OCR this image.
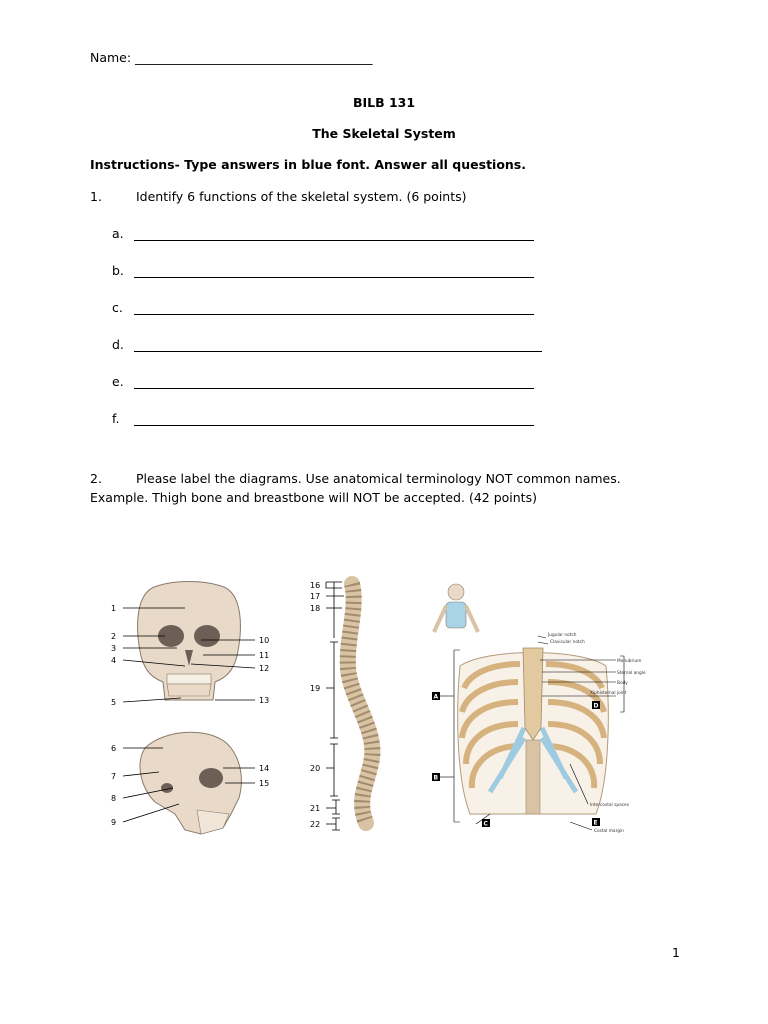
Name: ______________________________________
BILB 131
The Skeletal System
Instructions- Type answers in blue font. Answer all questions.
1.	Identify 6 functions of the skeletal system. (6 points)
a.
b.
c.
d.
e.
f.
2.	Please label the diagrams. Use anatomical terminology NOT common names. Example. Thigh bone and breastbone will NOT be accepted. (42 points)
1
2
3
4
5
10
11
12
13
6
7
8
9
14
15
16
17
18
19
20
21
22
A
B
C
D
E
Jugular notch
Clavicular notch
Manubrium
Sternal angle
Body
Xiphisternal joint
Intercostal spaces
Costal margin
1
